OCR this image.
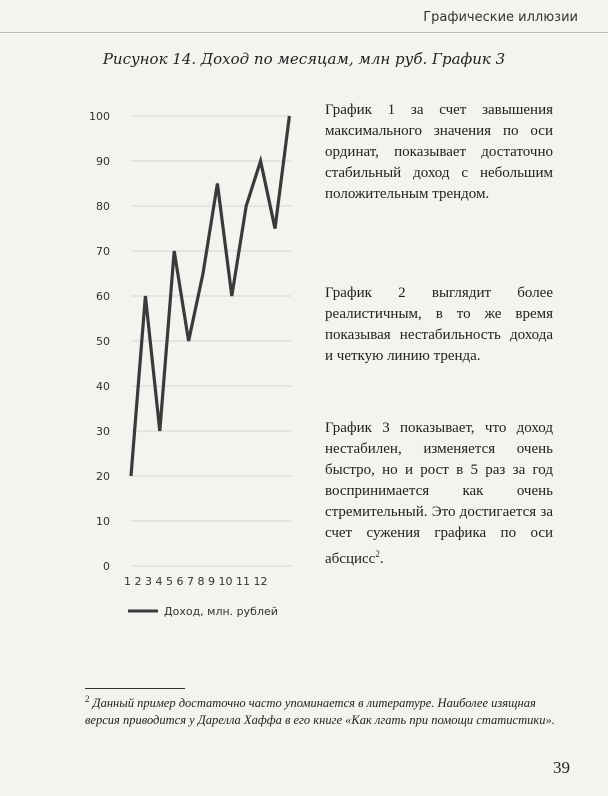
Графические иллюзии
Рисунок 14. Доход по месяцам, млн руб. График 3
0
10
20
30
40
50
60
70
80
90
100
1 2 3 4 5 6 7 8 9 10 11 12
Доход, млн. рублей
График 1 за счет завышения максимального значения по оси ординат, показывает достаточно стабильный доход с небольшим положительным трендом.
График 2 выглядит более реалистичным, в то же время показывая нестабильность дохода и четкую линию тренда.
График 3 показывает, что доход нестабилен, изменяется очень быстро, но и рост в 5 раз за год воспринимается как очень стремительный. Это достигается за счет сужения графика по оси абсцисс$^2$.
$^2$ Данный пример достаточно часто упоминается в литературе. Наиболее изящная версия приводится у Дарелла Хаффа в его книге «Как лгать при помощи статистики».
39
